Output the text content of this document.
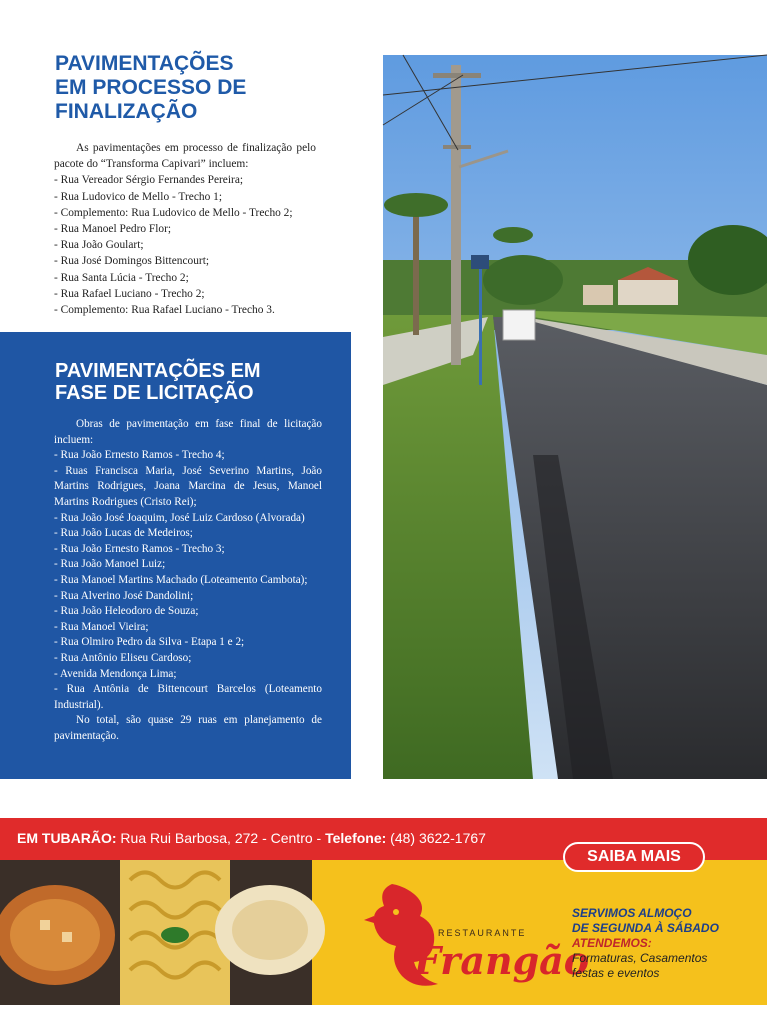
PAVIMENTAÇÕES
EM PROCESSO DE
FINALIZAÇÃO

As pavimentações em processo de finalização pelo pacote do “Transforma Capivari” incluem:

- Rua Vereador Sérgio Fernandes Pereira;
- Rua Ludovico de Mello - Trecho 1;
- Complemento: Rua Ludovico de Mello - Trecho 2;
- Rua Manoel Pedro Flor;
- Rua João Goulart;
- Rua José Domingos Bittencourt;
- Rua Santa Lúcia - Trecho 2;
- Rua Rafael Luciano - Trecho 2;
- Complemento: Rua Rafael Luciano - Trecho 3.
PAVIMENTAÇÕES EM
FASE DE LICITAÇÃO

Obras de pavimentação em fase final de licitação incluem:

- Rua João Ernesto Ramos - Trecho 4;
- Ruas Francisca Maria, José Severino Martins, João Martins Rodrigues, Joana Marcina de Jesus, Manoel Martins Rodrigues (Cristo Rei);
- Rua João José Joaquim, José Luiz Cardoso (Alvorada)
- Rua João Lucas de Medeiros;
- Rua João Ernesto Ramos - Trecho 3;
- Rua João Manoel Luiz;
- Rua Manoel Martins Machado (Loteamento Cambota);
- Rua Alverino José Dandolini;
- Rua João Heleodoro de Souza;
- Rua Manoel Vieira;
- Rua Olmiro Pedro da Silva - Etapa 1 e 2;
- Rua Antônio Eliseu Cardoso;
- Avenida Mendonça Lima;
- Rua Antônia de Bittencourt Barcelos (Loteamento Industrial).

No total, são quase 29 ruas em planejamento de pavimentação.

EM TUBARÃO: Rua Rui Barbosa, 272 - Centro - Telefone: (48) 3622-1767
SAIBA MAIS
RESTAURANTE
Frangão
SERVIMOS ALMOÇO
DE SEGUNDA À SÁBADO
ATENDEMOS:
Formaturas, Casamentos
festas e eventos
